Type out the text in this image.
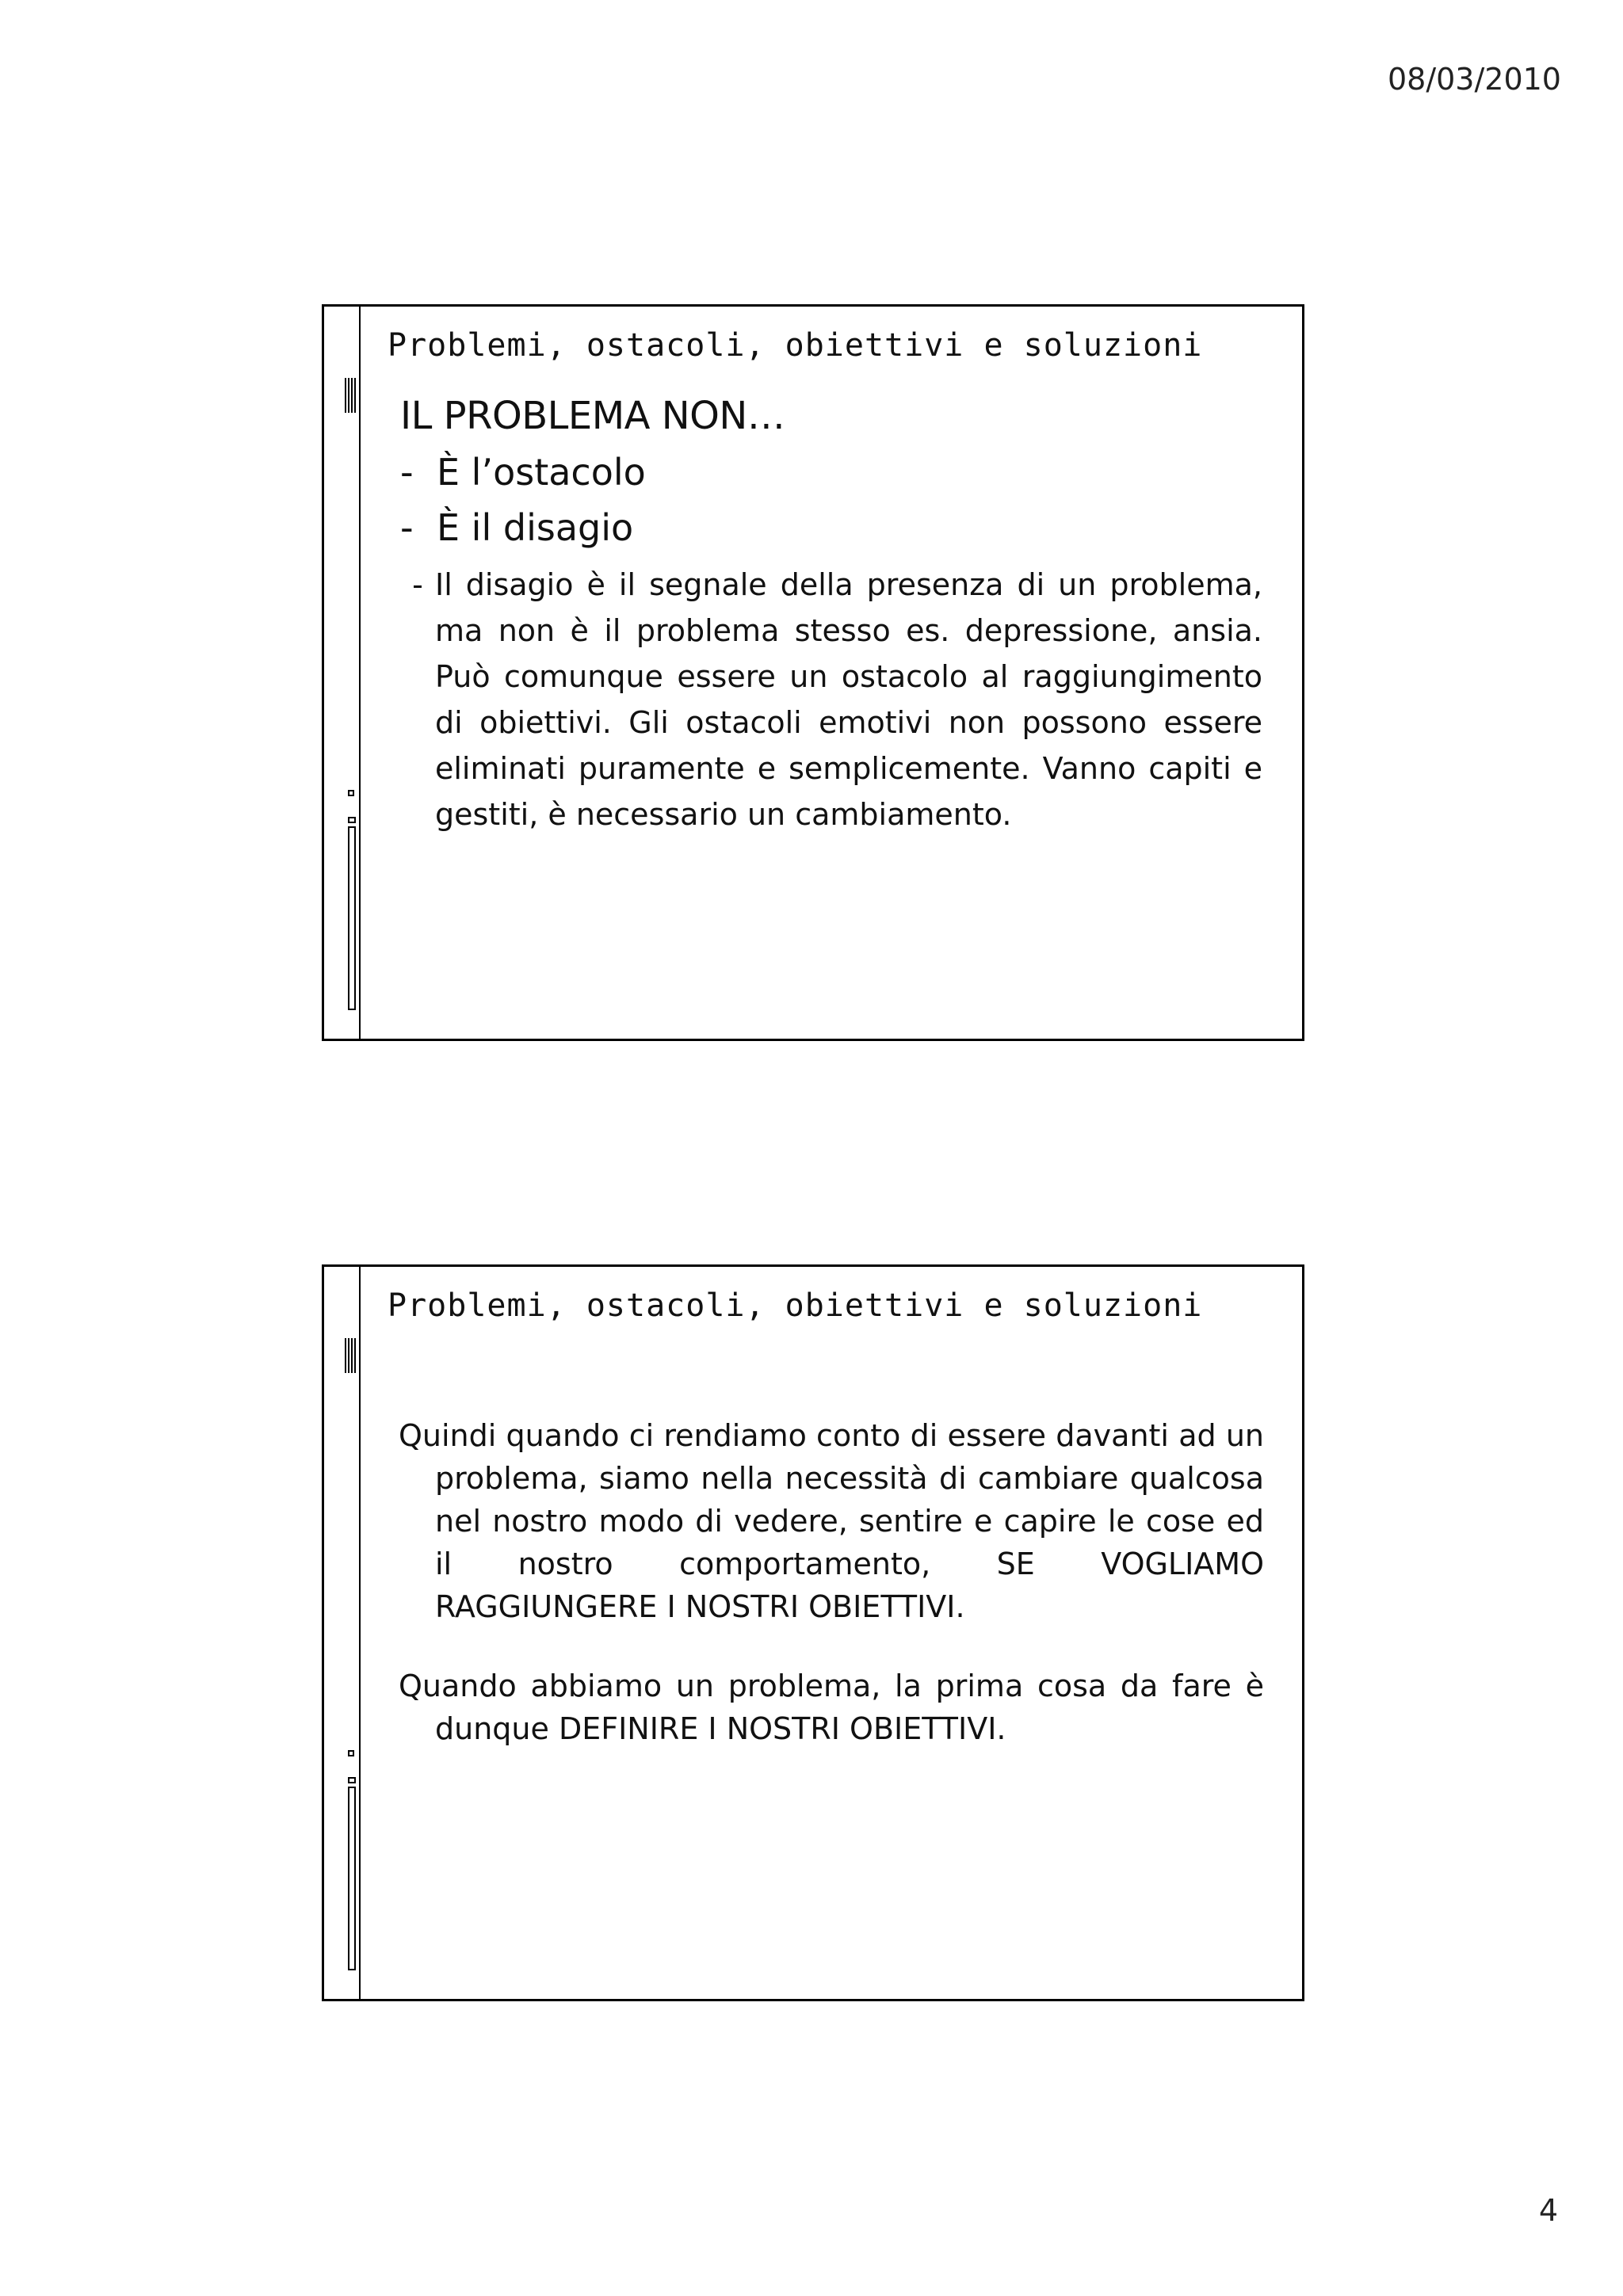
08/03/2010
Problemi, ostacoli, obiettivi e soluzioni
IL PROBLEMA NON…
- È l’ostacolo
- È il disagio
- Il disagio è il segnale della presenza di un problema, ma non è il problema stesso es. depressione, ansia. Può comunque essere un ostacolo al raggiungimento di obiettivi. Gli ostacoli emotivi non possono essere eliminati puramente e semplicemente. Vanno capiti e gestiti, è necessario un cambiamento.
Problemi, ostacoli, obiettivi e soluzioni

Quindi quando ci rendiamo conto di essere davanti ad un problema, siamo nella necessità di cambiare qualcosa nel nostro modo di vedere, sentire e capire le cose ed il nostro comportamento, SE VOGLIAMO RAGGIUNGERE I NOSTRI OBIETTIVI.

Quando abbiamo un problema, la prima cosa da fare è dunque DEFINIRE I NOSTRI OBIETTIVI.

4
